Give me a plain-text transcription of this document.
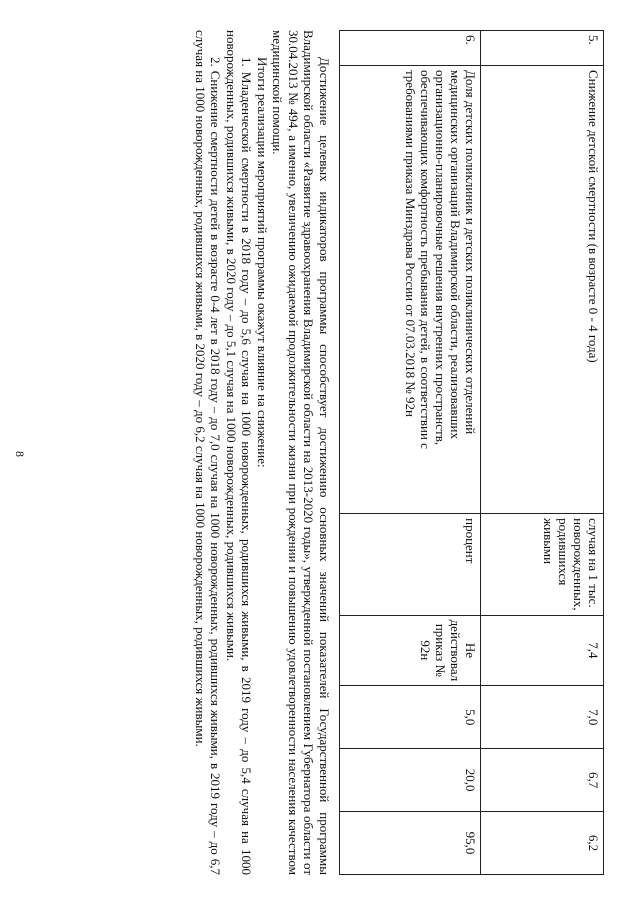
8
5.	Снижение детской смертности (в возрасте 0 - 4 года)	случая на 1 тыс. новорожденных, родившихся живыми	7,4	7,0	6,7	6,2
6.	Доля детских поликлиник и детских поликлинических отделений медицинских организаций Владимирской области, реализовавших организационно-планировочные решения внутренних пространств, обеспечивающих комфортность пребывания детей, в соответствии с требованиями приказа Минздрава России от 07.03.2018 № 92н	процент	Не действовал приказ № 92н	5,0	20,0	95,0

Достижение целевых индикаторов программы способствует достижению основных значений показателей Государственной программы Владимирской области «Развитие здравоохранения Владимирской области на 2013-2020 годы», утвержденной постановлением Губернатора области от 30.04.2013 № 494, а именно, увеличению ожидаемой продолжительности жизни при рождении и повышению удовлетворенности населения качеством медицинской помощи.

Итоги реализации мероприятий программы окажут влияние на снижение:

1. Младенческой смертности в 2018 году – до 5,6 случая на 1000 новорожденных, родившихся живыми, в 2019 году – до 5,4 случая на 1000 новорожденных, родившихся живыми, в 2020 году – до 5,1 случая на 1000 новорожденных, родившихся живыми.

2. Снижение смертности детей в возрасте 0-4 лет в 2018 году – до 7,0 случая на 1000 новорожденных, родившихся живыми, в 2019 году – до 6,7 случая на 1000 новорожденных, родившихся живыми, в 2020 году – до 6,2 случая на 1000 новорожденных, родившихся живыми.
